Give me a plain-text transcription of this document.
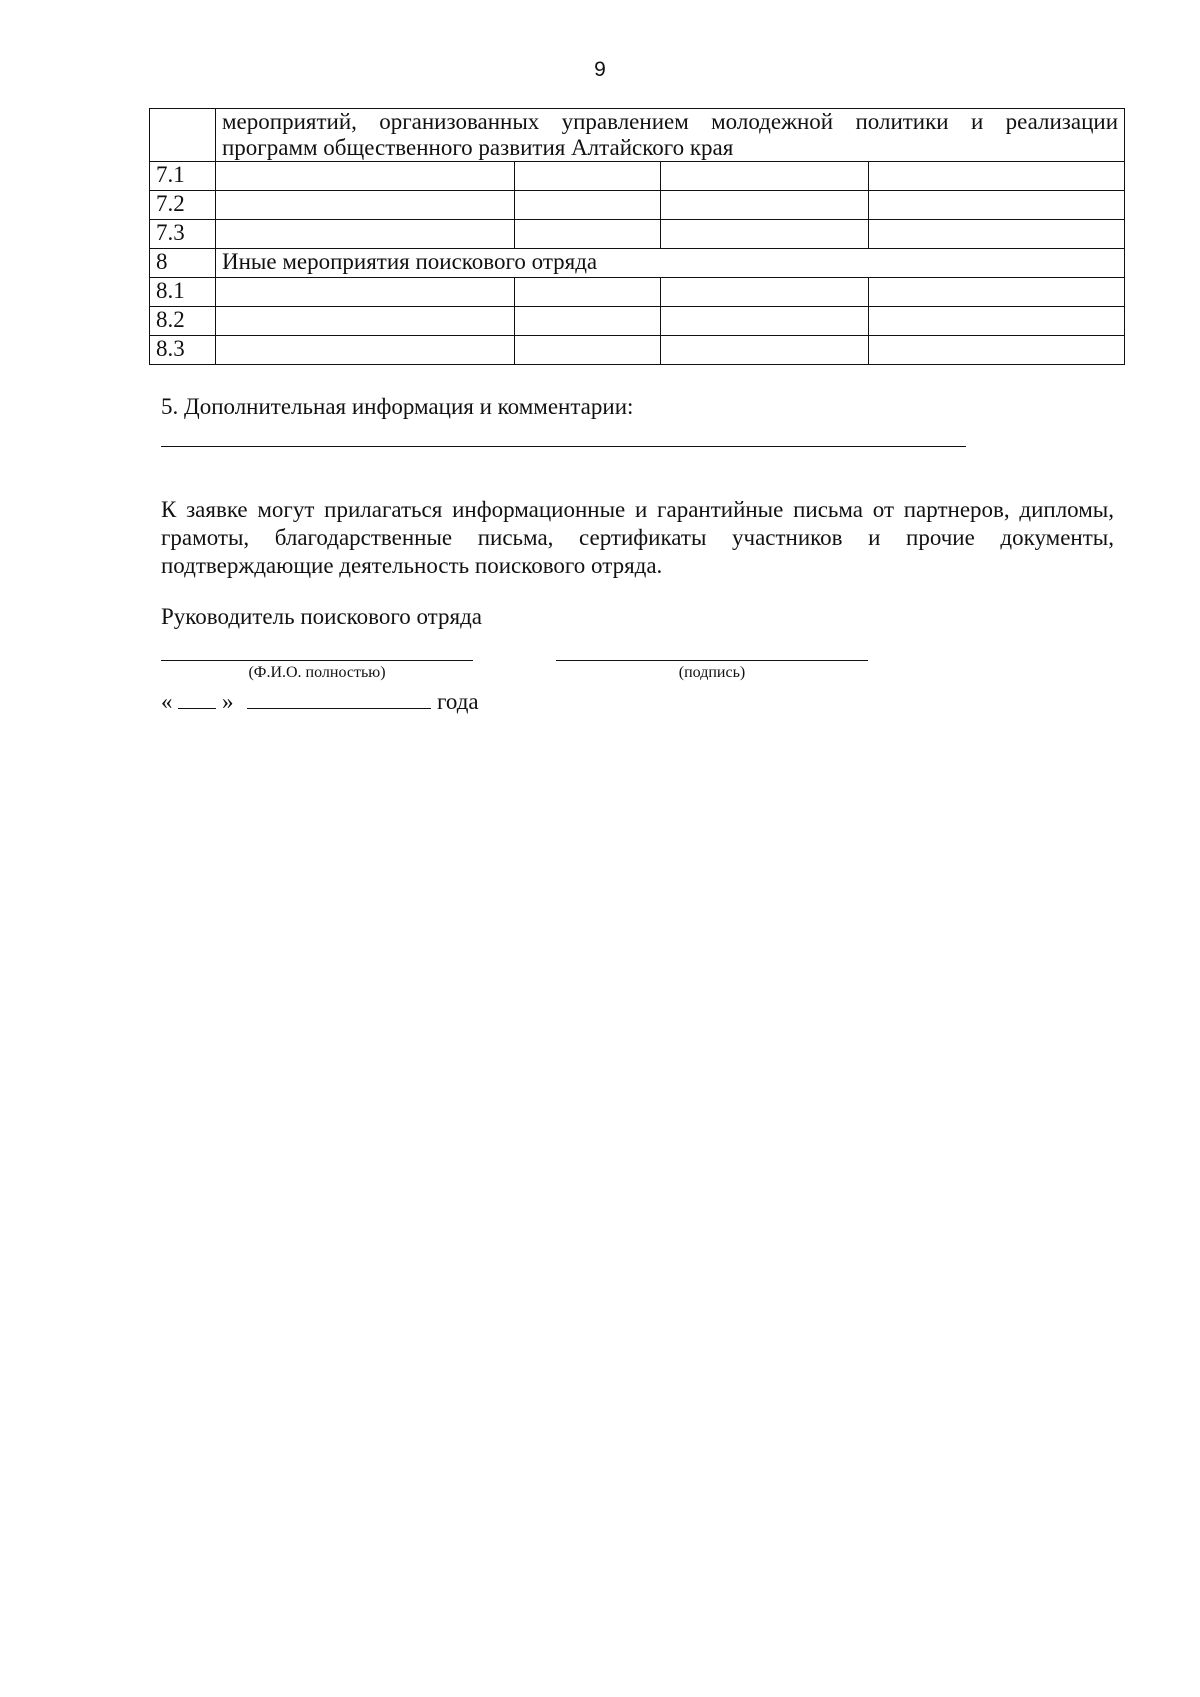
9
	мероприятий, организованных управлением молодежной политики и реализации программ общественного развития Алтайского края			
7.1				
7.2				
7.3				
8	Иные мероприятия поискового отряда			
8.1				
8.2				
8.3				
5. Дополнительная информация и комментарии:
К заявке могут прилагаться информационные и гарантийные письма от партнеров, дипломы, грамоты, благодарственные письма, сертификаты участников и прочие документы, подтверждающие деятельность поискового отряда.
Руководитель поискового отряда
(Ф.И.О. полностью)	(подпись)
« »	года
